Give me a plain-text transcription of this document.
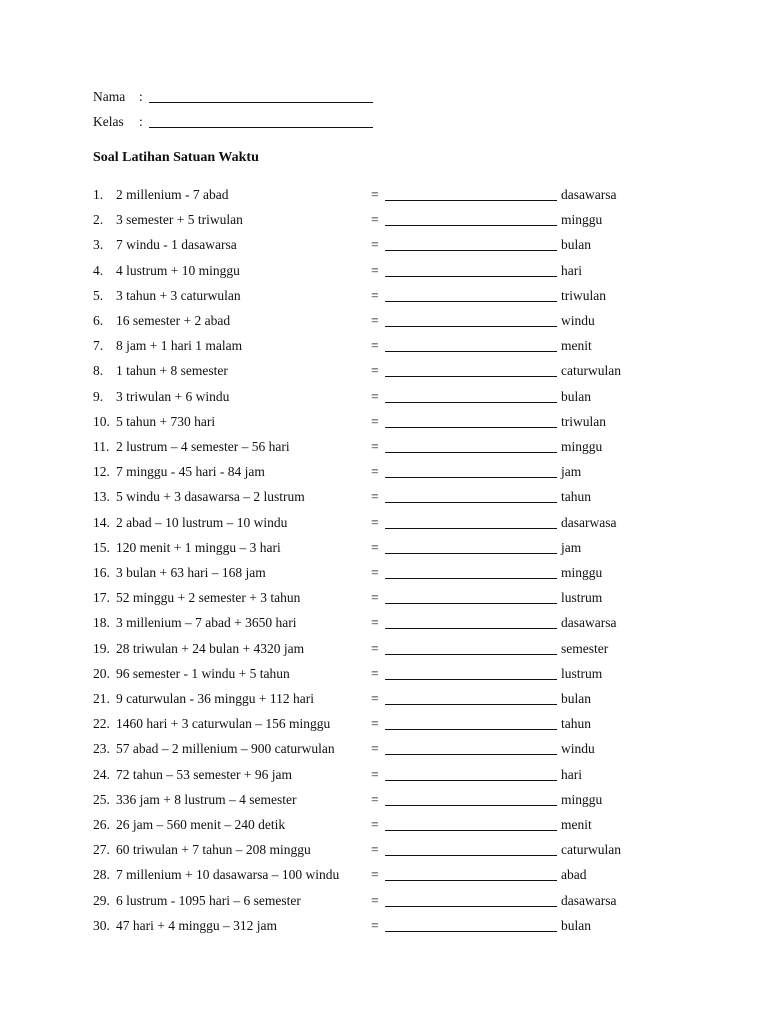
Nama	:
Kelas	:
Soal Latihan Satuan Waktu
1. 2 millenium - 7 abad	=	dasawarsa
2. 3 semester + 5 triwulan	=	minggu
3. 7 windu - 1 dasawarsa	=	bulan
4. 4 lustrum + 10 minggu	=	hari
5. 3 tahun + 3 caturwulan	=	triwulan
6. 16 semester + 2 abad	=	windu
7. 8 jam + 1 hari 1 malam	=	menit
8. 1 tahun + 8 semester	=	caturwulan
9. 3 triwulan + 6 windu	=	bulan
10. 5 tahun + 730 hari	=	triwulan
11. 2 lustrum – 4 semester – 56 hari	=	minggu
12. 7 minggu - 45 hari - 84 jam	=	jam
13. 5 windu + 3 dasawarsa – 2 lustrum	=	tahun
14. 2 abad – 10 lustrum – 10 windu	=	dasarwasa
15. 120 menit + 1 minggu – 3 hari	=	jam
16. 3 bulan + 63 hari – 168 jam	=	minggu
17. 52 minggu + 2 semester + 3 tahun	=	lustrum
18. 3 millenium – 7 abad + 3650 hari	=	dasawarsa
19. 28 triwulan + 24 bulan + 4320 jam	=	semester
20. 96 semester - 1 windu + 5 tahun	=	lustrum
21. 9 caturwulan - 36 minggu + 112 hari	=	bulan
22. 1460 hari + 3 caturwulan – 156 minggu	=	tahun
23. 57 abad – 2 millenium – 900 caturwulan	=	windu
24. 72 tahun – 53 semester + 96 jam	=	hari
25. 336 jam + 8 lustrum – 4 semester	=	minggu
26. 26 jam – 560 menit – 240 detik	=	menit
27. 60 triwulan + 7 tahun – 208 minggu	=	caturwulan
28. 7 millenium + 10 dasawarsa – 100 windu =	abad
29. 6 lustrum - 1095 hari – 6 semester	=	dasawarsa
30. 47 hari + 4 minggu – 312 jam	=	bulan
